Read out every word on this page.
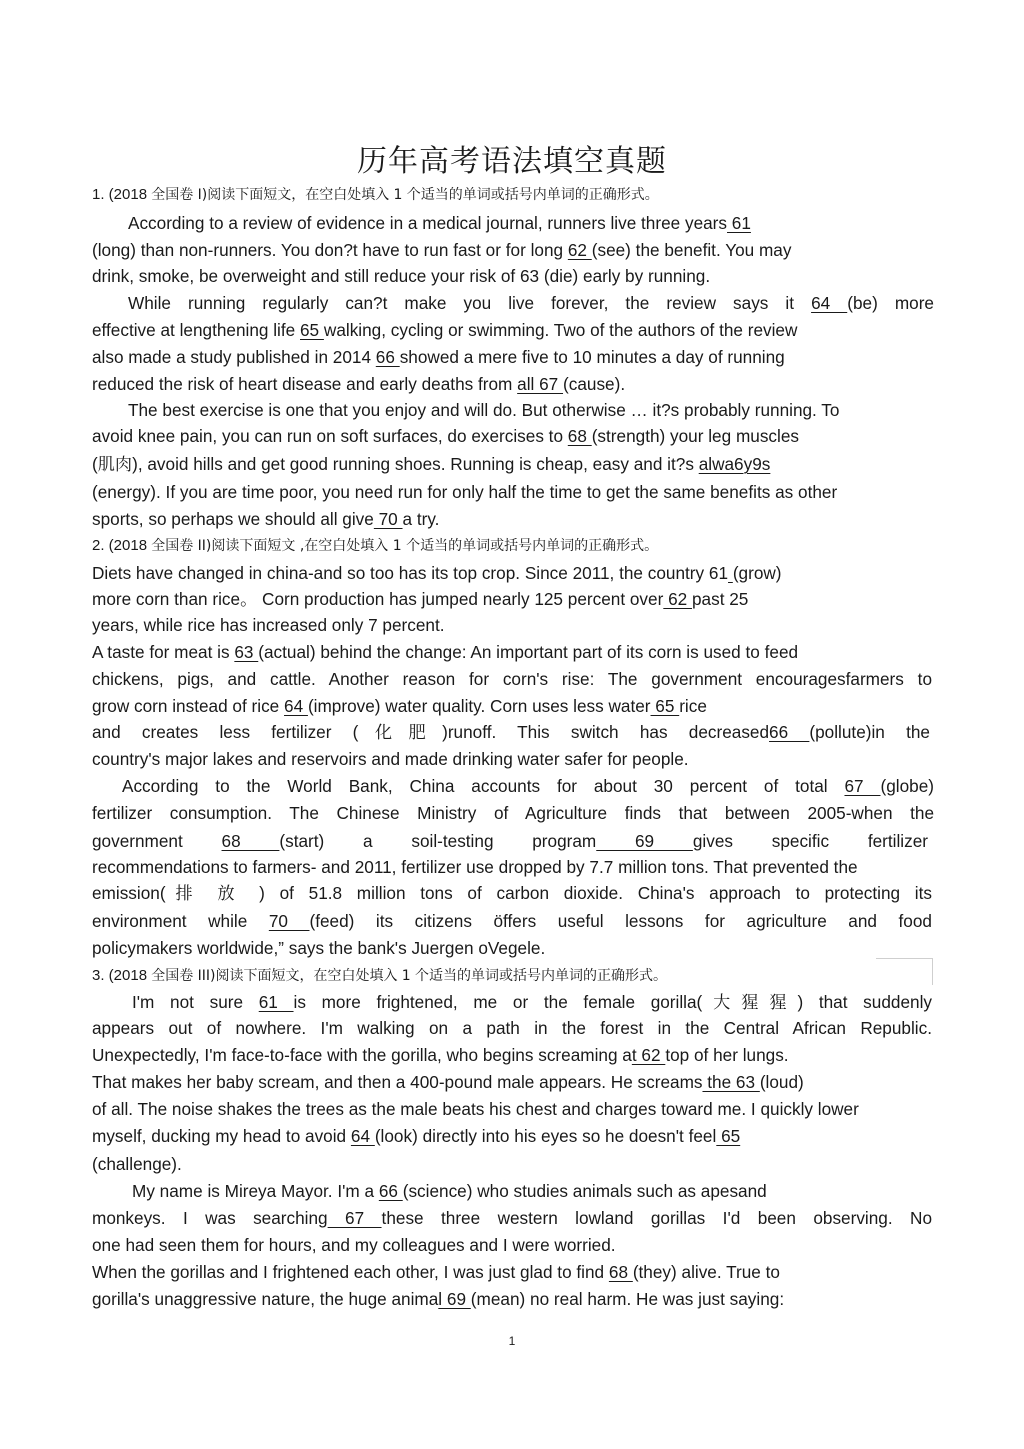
历年高考语法填空真题
1. (2018 全国卷 I)阅读下面短文，在空白处填入 1 个适当的单词或括号内单词的正确形式。
According to a review of evidence in a medical journal, runners live three years 61
(long) than non-runners. You don?t have to run fast or for long 62 (see) the benefit. You may
drink, smoke, be overweight and still reduce your risk of 63 (die) early by running.
While running regularly can?t make you live forever, the review says it 64 (be) more
effective at lengthening life 65 walking, cycling or swimming. Two of the authors of the review
also made a study published in 2014 66 showed a mere five to 10 minutes a day of running
reduced the risk of heart disease and early deaths from all 67 (cause).
The best exercise is one that you enjoy and will do. But otherwise … it?s probably running. To
avoid knee pain, you can run on soft surfaces, do exercises to 68 (strength) your leg muscles
(肌肉), avoid hills and get good running shoes. Running is cheap, easy and it?s alwa6y9s
(energy). If you are time poor, you need run for only half the time to get the same benefits as other
sports, so perhaps we should all give 70 a try.
2. (2018 全国卷 II)阅读下面短文 ,在空白处填入 1 个适当的单词或括号内单词的正确形式。
Diets have changed in china-and so too has its top crop. Since 2011, the country 61 (grow)
more corn than rice。 Corn production has jumped nearly 125 percent over 62 past 25
years, while rice has increased only 7 percent.
A taste for meat is 63 (actual) behind the change: An important part of its corn is used to feed
chickens, pigs, and cattle. Another reason for corn's rise: The government encouragesfarmers to
grow corn instead of rice 64 (improve) water quality. Corn uses less water 65 rice
and creates less fertilizer (化肥)runoff. This switch has decreased66 (pollute)in the
country's major lakes and reservoirs and made drinking water safer for people.
According to the World Bank, China accounts for about 30 percent of total 67 (globe)
fertilizer consumption. The Chinese Ministry of Agriculture finds that between 2005-when the
government 68 (start) a soil-testing program 69 gives specific fertilizer
recommendations to farmers- and 2011, fertilizer use dropped by 7.7 million tons. That prevented the
emission(排 放 ) of 51.8 million tons of carbon dioxide. China's approach to protecting its
environment while 70 (feed) its citizens öffers useful lessons for agriculture and food
policymakers worldwide,” says the bank's Juergen oVegele.
3. (2018 全国卷 III)阅读下面短文，在空白处填入 1 个适当的单词或括号内单词的正确形式。
I'm not sure 61 is more frightened, me or the female gorilla(大猩猩) that suddenly
appears out of nowhere. I'm walking on a path in the forest in the Central African Republic.
Unexpectedly, I'm face-to-face with the gorilla, who begins screaming at 62 top of her lungs.
That makes her baby scream, and then a 400-pound male appears. He screams the 63 (loud)
of all. The noise shakes the trees as the male beats his chest and charges toward me. I quickly lower
myself, ducking my head to avoid 64 (look) directly into his eyes so he doesn't feel 65
(challenge).
My name is Mireya Mayor. I'm a 66 (science) who studies animals such as apesand
monkeys. I was searching 67 these three western lowland gorillas I'd been observing. No
one had seen them for hours, and my colleagues and I were worried.
When the gorillas and I frightened each other, I was just glad to find 68 (they) alive. True to
gorilla's unaggressive nature, the huge animal 69 (mean) no real harm. He was just saying:
1
